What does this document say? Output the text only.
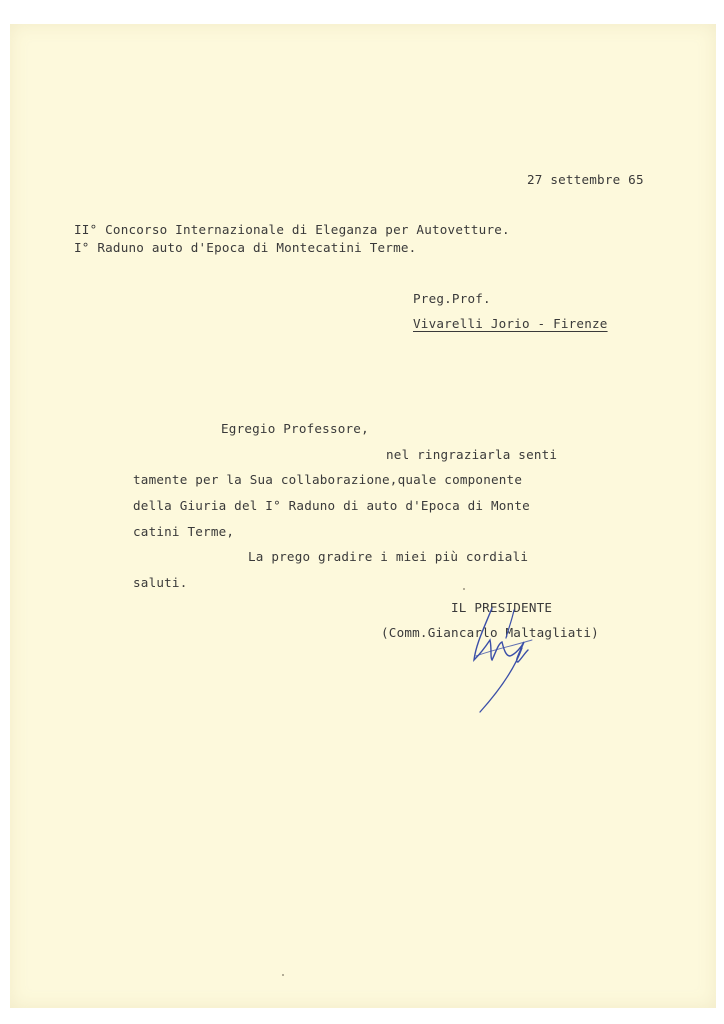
27 settembre 65
II° Concorso Internazionale di Eleganza per Autovetture.
I° Raduno auto d'Epoca di Montecatini Terme.
Preg.Prof.
Vivarelli Jorio - Firenze
Egregio Professore,
nel ringraziarla senti
tamente per la Sua collaborazione,quale componente
della Giuria del I° Raduno di auto d'Epoca di Monte
catini Terme,
La prego gradire i miei più cordiali
saluti.
IL PRESIDENTE
(Comm.Giancarlo Maltagliati)
